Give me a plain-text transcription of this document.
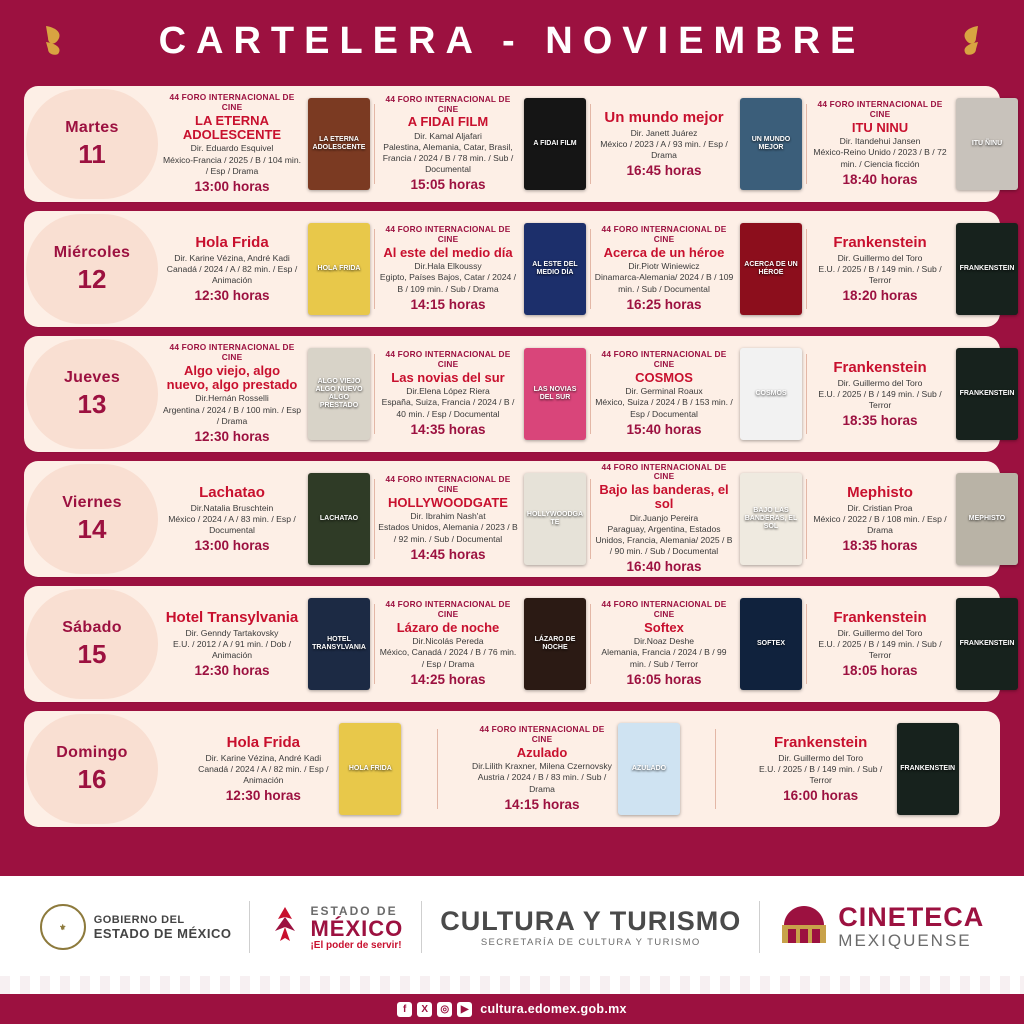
CARTELERA - NOVIEMBRE
Martes
11
44 FORO INTERNACIONAL DE CINE
LA ETERNA ADOLESCENTE
Dir. Eduardo Esquivel
México-Francia / 2025 / B / 104 min. / Esp / Drama
13:00 horas
LA ETERNA ADOLESCENTE
44 FORO INTERNACIONAL DE CINE
A FIDAI FILM
Dir. Kamal Aljafari
Palestina, Alemania, Catar, Brasil, Francia / 2024 / B / 78 min. / Sub / Documental
15:05 horas
A FIDAI FILM
Un mundo mejor
Dir. Janett Juárez
México / 2023 / A / 93 min. / Esp / Drama
16:45 horas
UN MUNDO MEJOR
44 FORO INTERNACIONAL DE CINE
ITU NINU
Dir. Itandehui Jansen
México-Reino Unido / 2023 / B / 72 min. / Ciencia ficción
18:40 horas
ITU ÑINU
Miércoles
12
Hola Frida
Dir. Karine Vézina, André Kadi
Canadá / 2024 / A / 82 min. / Esp / Animación
12:30 horas
HOLA FRIDA
44 FORO INTERNACIONAL DE CINE
Al este del medio día
Dir.Hala Elkoussy
Egipto, Países Bajos, Catar / 2024 / B / 109 min. / Sub / Drama
14:15 horas
AL ESTE DEL MEDIO DÍA
44 FORO INTERNACIONAL DE CINE
Acerca de un héroe
Dir.Piotr Winiewicz
Dinamarca-Alemania/ 2024 / B / 109 min. / Sub / Documental
16:25 horas
ACERCA DE UN HÉROE
Frankenstein
Dir. Guillermo del Toro
E.U. / 2025 / B / 149 min. / Sub / Terror
18:20 horas
FRANKENSTEIN
Jueves
13
44 FORO INTERNACIONAL DE CINE
Algo viejo, algo nuevo, algo prestado
Dir.Hernán Rosselli
Argentina / 2024 / B / 100 min. / Esp / Drama
12:30 horas
ALGO VIEJO ALGO NUEVO ALGO PRESTADO
44 FORO INTERNACIONAL DE CINE
Las novias del sur
Dir.Elena López Riera
España, Suiza, Francia / 2024 / B / 40 min. / Esp / Documental
14:35 horas
LAS NOVIAS DEL SUR
44 FORO INTERNACIONAL DE CINE
COSMOS
Dir. Germinal Roaux
México, Suiza / 2024 / B / 153 min. / Esp / Documental
15:40 horas
COSMOS
Frankenstein
Dir. Guillermo del Toro
E.U. / 2025 / B / 149 min. / Sub / Terror
18:35 horas
FRANKENSTEIN
Viernes
14
Lachatao
Dir.Natalia Bruschtein
México / 2024 / A / 83 min. / Esp / Documental
13:00 horas
LACHATAO
44 FORO INTERNACIONAL DE CINE
HOLLYWOODGATE
Dir. Ibrahim Nash'at
Estados Unidos, Alemania / 2023 / B / 92 min. / Sub / Documental
14:45 horas
HOLLYWOODGATE
44 FORO INTERNACIONAL DE CINE
Bajo las banderas, el sol
Dir.Juanjo Pereira
Paraguay, Argentina, Estados Unidos, Francia, Alemania/ 2025 / B / 90 min. / Sub / Documental
16:40 horas
BAJO LAS BANDERAS, EL SOL
Mephisto
Dir. Cristian Proa
México / 2022 / B / 108 min. / Esp / Drama
18:35 horas
MEPHISTO
Sábado
15
Hotel Transylvania
Dir. Genndy Tartakovsky
E.U. / 2012 / A / 91 min. / Dob / Animación
12:30 horas
HOTEL TRANSYLVANIA
44 FORO INTERNACIONAL DE CINE
Lázaro de noche
Dir.Nicolás Pereda
México, Canadá / 2024 / B / 76 min. / Esp / Drama
14:25 horas
LÁZARO DE NOCHE
44 FORO INTERNACIONAL DE CINE
Softex
Dir.Noaz Deshe
Alemania, Francia / 2024 / B / 99 min. / Sub / Terror
16:05 horas
SOFTEX
Frankenstein
Dir. Guillermo del Toro
E.U. / 2025 / B / 149 min. / Sub / Terror
18:05 horas
FRANKENSTEIN
Domingo
16
Hola Frida
Dir. Karine Vézina, André Kadi
Canadá / 2024 / A / 82 min. / Esp / Animación
12:30 horas
HOLA FRIDA
44 FORO INTERNACIONAL DE CINE
Azulado
Dir.Lilith Kraxner, Milena Czernovsky
Austria / 2024 / B / 83 min. / Sub / Drama
14:15 horas
AZULADO
Frankenstein
Dir. Guillermo del Toro
E.U. / 2025 / B / 149 min. / Sub / Terror
16:00 horas
FRANKENSTEIN
⚜
GOBIERNO DEL
ESTADO DE MÉXICO
ESTADO DE
MÉXICO
¡El poder de servir!
CULTURA Y TURISMO
SECRETARÍA DE CULTURA Y TURISMO
CINETECA
MEXIQUENSE
f	X	◎	▶ cultura.edomex.gob.mx
